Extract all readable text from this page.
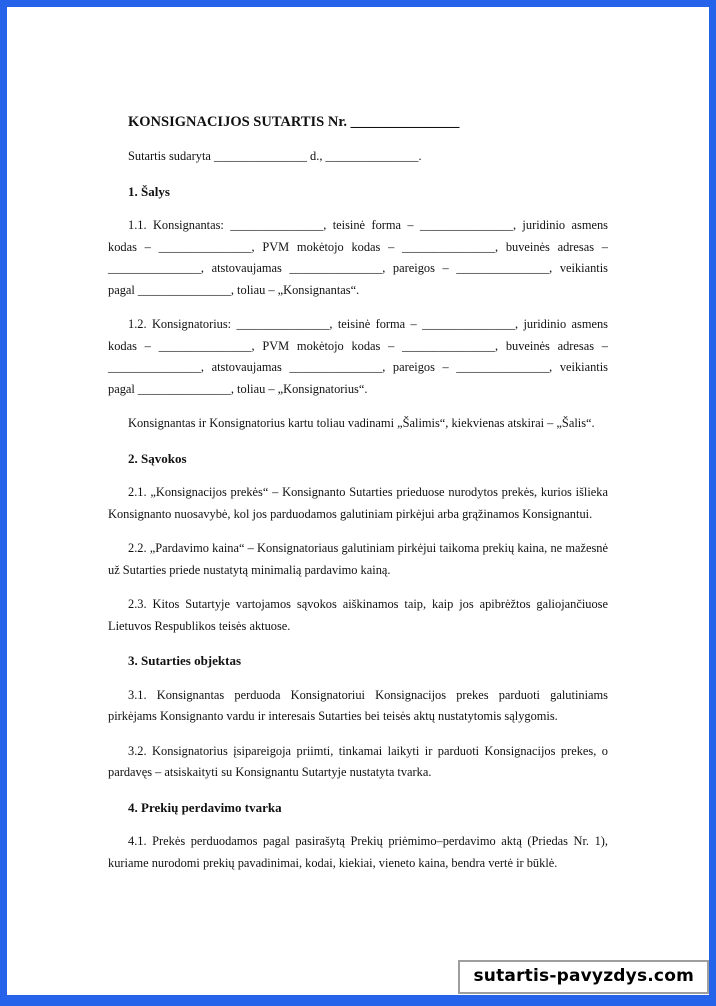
KONSIGNACIJOS SUTARTIS Nr. _______________

Sutartis sudaryta _______________ d., _______________.

1. Šalys

1.1. Konsignantas: _______________, teisinė forma – _______________, juridinio asmens kodas – _______________, PVM mokėtojo kodas – _______________, buveinės adresas – _______________, atstovaujamas _______________, pareigos – _______________, veikiantis pagal _______________, toliau – „Konsignantas“.

1.2. Konsignatorius: _______________, teisinė forma – _______________, juridinio asmens kodas – _______________, PVM mokėtojo kodas – _______________, buveinės adresas – _______________, atstovaujamas _______________, pareigos – _______________, veikiantis pagal _______________, toliau – „Konsignatorius“.

Konsignantas ir Konsignatorius kartu toliau vadinami „Šalimis“, kiekvienas atskirai – „Šalis“.

2. Sąvokos

2.1. „Konsignacijos prekės“ – Konsignanto Sutarties prieduose nurodytos prekės, kurios išlieka Konsignanto nuosavybė, kol jos parduodamos galutiniam pirkėjui arba grąžinamos Konsignantui.

2.2. „Pardavimo kaina“ – Konsignatoriaus galutiniam pirkėjui taikoma prekių kaina, ne mažesnė už Sutarties priede nustatytą minimalią pardavimo kainą.

2.3. Kitos Sutartyje vartojamos sąvokos aiškinamos taip, kaip jos apibrėžtos galiojančiuose Lietuvos Respublikos teisės aktuose.

3. Sutarties objektas

3.1. Konsignantas perduoda Konsignatoriui Konsignacijos prekes parduoti galutiniams pirkėjams Konsignanto vardu ir interesais Sutarties bei teisės aktų nustatytomis sąlygomis.

3.2. Konsignatorius įsipareigoja priimti, tinkamai laikyti ir parduoti Konsignacijos prekes, o pardavęs – atsiskaityti su Konsignantu Sutartyje nustatyta tvarka.

4. Prekių perdavimo tvarka

4.1. Prekės perduodamos pagal pasirašytą Prekių priėmimo–perdavimo aktą (Priedas Nr. 1), kuriame nurodomi prekių pavadinimai, kodai, kiekiai, vieneto kaina, bendra vertė ir būklė.

sutartis-pavyzdys.com
